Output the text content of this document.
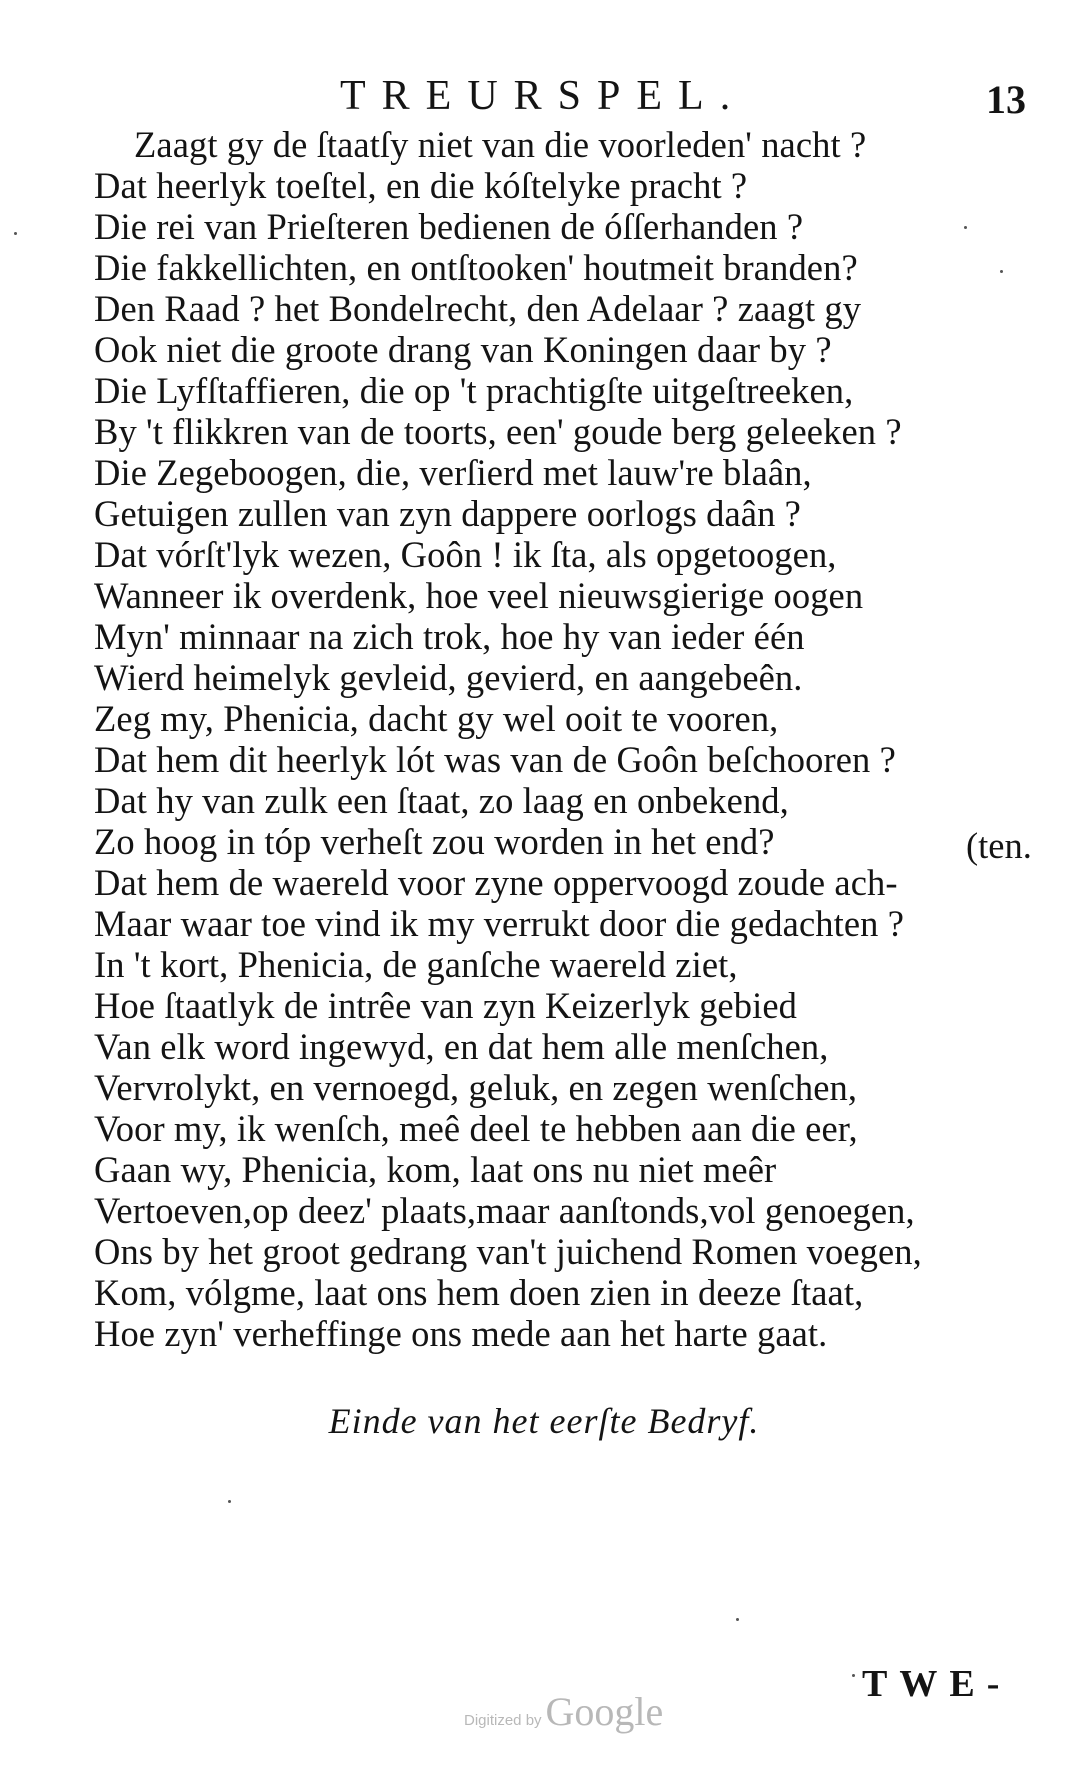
TREURSPEL.	13
Zaagt gy de ſtaatſy niet van die voorleden' nacht ?
Dat heerlyk toeſtel, en die kóſtelyke pracht ?
Die rei van Prieſteren bedienen de óſſerhanden ?
Die fakkellichten, en ontſtooken' houtmeit branden?
Den Raad ? het Bondelrecht, den Adelaar ? zaagt gy
Ook niet die groote drang van Koningen daar by ?
Die Lyfſtaffieren, die op 't prachtigſte uitgeſtreeken,
By 't flikkren van de toorts, een' goude berg geleeken ?
Die Zegeboogen, die, verſierd met lauw're blaân,
Getuigen zullen van zyn dappere oorlogs daân ?
Dat vórſt'lyk wezen, Goôn ! ik ſta, als opgetoogen,
Wanneer ik overdenk, hoe veel nieuwsgierige oogen
Myn' minnaar na zich trok, hoe hy van ieder één
Wierd heimelyk gevleid, gevierd, en aangebeên.
Zeg my, Phenicia, dacht gy wel ooit te vooren,
Dat hem dit heerlyk lót was van de Goôn beſchooren ?
Dat hy van zulk een ſtaat, zo laag en onbekend,
Zo hoog in tóp verheſt zou worden in het end?
Dat hem de waereld voor zyne oppervoogd zoude ach-
Maar waar toe vind ik my verrukt door die gedachten ?
In 't kort, Phenicia, de ganſche waereld ziet,
Hoe ſtaatlyk de intrêe van zyn Keizerlyk gebied
Van elk word ingewyd, en dat hem alle menſchen,
Vervrolykt, en vernoegd, geluk, en zegen wenſchen,
Voor my, ik wenſch, meê deel te hebben aan die eer,
Gaan wy, Phenicia, kom, laat ons nu niet meêr
Vertoeven,op deez' plaats,maar aanſtonds,vol genoegen,
Ons by het groot gedrang van't juichend Romen voegen,
Kom, vólgme, laat ons hem doen zien in deeze ſtaat,
Hoe zyn' verheffinge ons mede aan het harte gaat.
(ten.
Einde van het eerſte Bedryf.
TWE-
Digitized by Google
